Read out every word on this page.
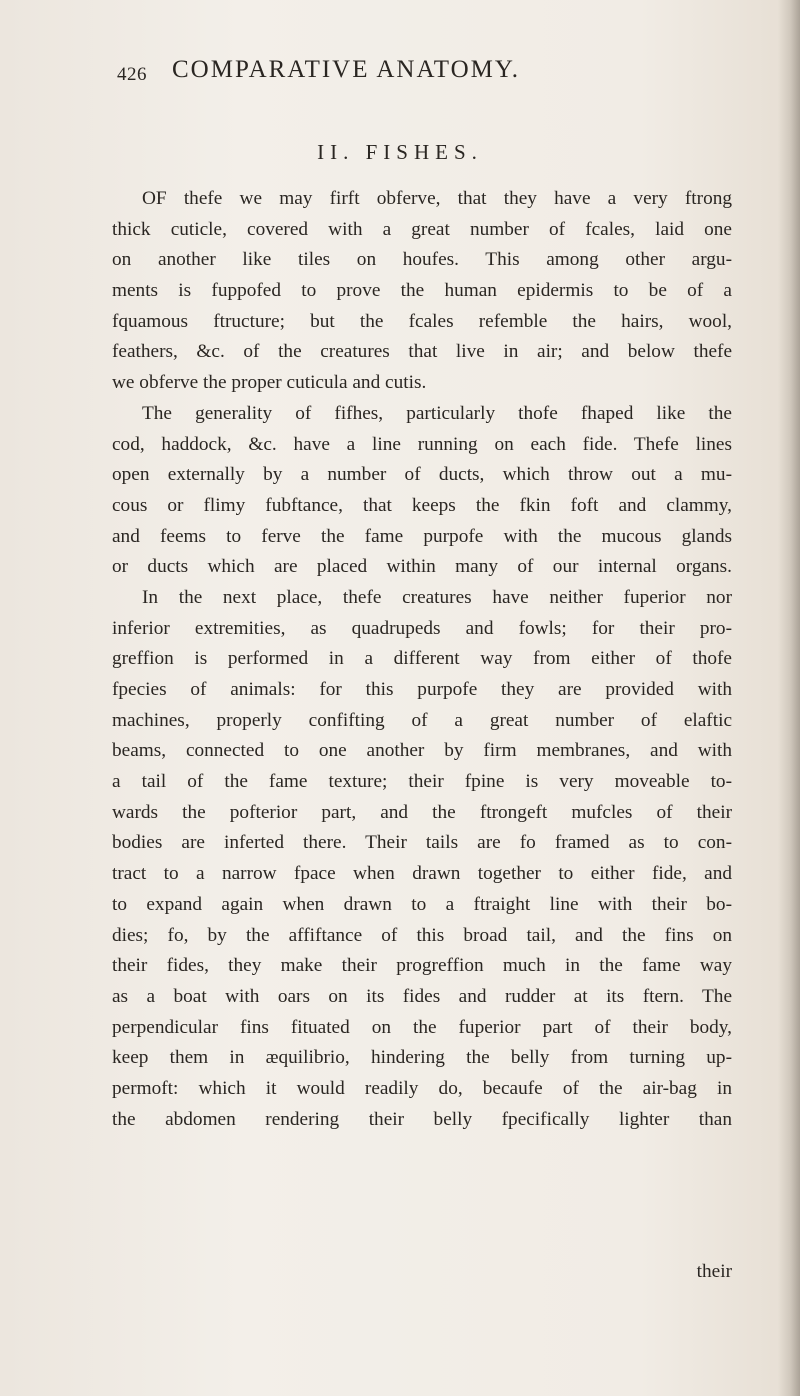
426 COMPARATIVE ANATOMY.
II. FISHES.
OF thefe we may firft obferve, that they have a very ftrong
thick cuticle, covered with a great number of fcales, laid one
on another like tiles on houfes. This among other argu-
ments is fuppofed to prove the human epidermis to be of a
fquamous ftructure; but the fcales refemble the hairs, wool,
feathers, &c. of the creatures that live in air; and below thefe
we obferve the proper cuticula and cutis.
The generality of fifhes, particularly thofe fhaped like the
cod, haddock, &c. have a line running on each fide. Thefe lines
open externally by a number of ducts, which throw out a mu-
cous or flimy fubftance, that keeps the fkin foft and clammy,
and feems to ferve the fame purpofe with the mucous glands
or ducts which are placed within many of our internal organs.
In the next place, thefe creatures have neither fuperior nor
inferior extremities, as quadrupeds and fowls; for their pro-
greffion is performed in a different way from either of thofe
fpecies of animals: for this purpofe they are provided with
machines, properly confifting of a great number of elaftic
beams, connected to one another by firm membranes, and with
a tail of the fame texture; their fpine is very moveable to-
wards the pofterior part, and the ftrongeft mufcles of their
bodies are inferted there. Their tails are fo framed as to con-
tract to a narrow fpace when drawn together to either fide, and
to expand again when drawn to a ftraight line with their bo-
dies; fo, by the affiftance of this broad tail, and the fins on
their fides, they make their progreffion much in the fame way
as a boat with oars on its fides and rudder at its ftern. The
perpendicular fins fituated on the fuperior part of their body,
keep them in æquilibrio, hindering the belly from turning up-
permoft: which it would readily do, becaufe of the air-bag in
the abdomen rendering their belly fpecifically lighter than
their
